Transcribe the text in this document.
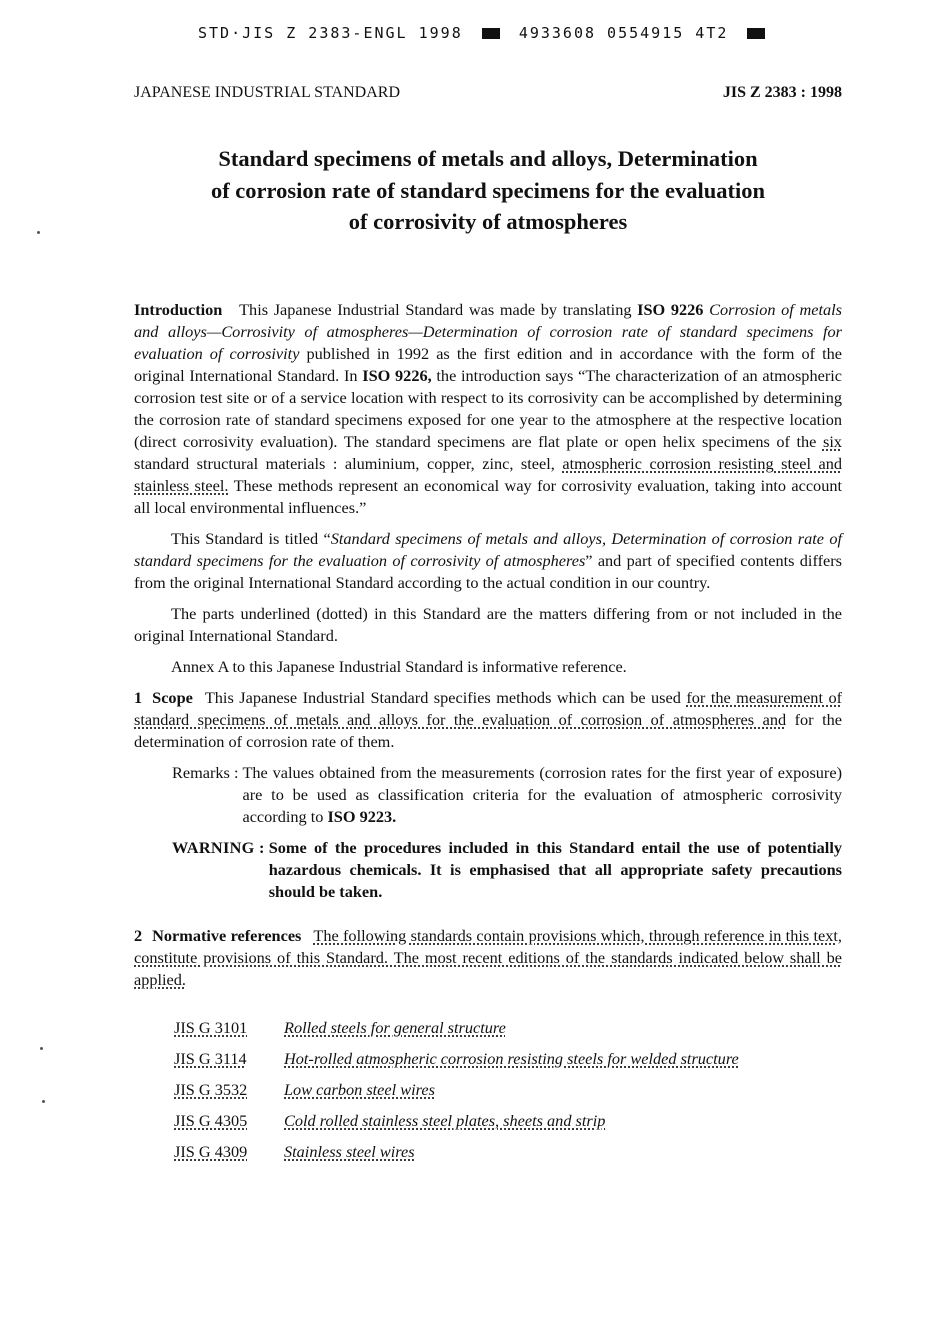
STD·JIS Z 2383-ENGL 1998	4933608 0554915 4T2
JAPANESE INDUSTRIAL STANDARD	JIS Z 2383 : 1998
Standard specimens of metals and alloys, Determination
of corrosion rate of standard specimens for the evaluation
of corrosivity of atmospheres

Introduction This Japanese Industrial Standard was made by translating ISO 9226 Corrosion of metals and alloys—Corrosivity of atmospheres—Determination of corrosion rate of standard specimens for evaluation of corrosivity published in 1992 as the first edition and in accordance with the form of the original International Standard. In ISO 9226, the introduction says “The characterization of an atmospheric corrosion test site or of a service location with respect to its corrosivity can be accomplished by determining the corrosion rate of standard specimens exposed for one year to the atmosphere at the respective location (direct corrosivity evaluation). The standard specimens are flat plate or open helix specimens of the six standard structural materials : aluminium, copper, zinc, steel, atmospheric corrosion resisting steel and stainless steel. These methods represent an economical way for corrosivity evaluation, taking into account all local environmental influences.”

This Standard is titled “Standard specimens of metals and alloys, Determination of corrosion rate of standard specimens for the evaluation of corrosivity of atmospheres” and part of specified contents differs from the original International Standard according to the actual condition in our country.

The parts underlined (dotted) in this Standard are the matters differing from or not included in the original International Standard.

Annex A to this Japanese Industrial Standard is informative reference.

1 Scope This Japanese Industrial Standard specifies methods which can be used for the measurement of standard specimens of metals and alloys for the evaluation of corrosion of atmospheres and for the determination of corrosion rate of them.

Remarks : The values obtained from the measurements (corrosion rates for the first year of exposure) are to be used as classification criteria for the evaluation of atmospheric corrosivity according to ISO 9223.
WARNING : Some of the procedures included in this Standard entail the use of potentially hazardous chemicals. It is emphasised that all appropriate safety precautions should be taken.

2 Normative references The following standards contain provisions which, through reference in this text, constitute provisions of this Standard. The most recent editions of the standards indicated below shall be applied.

JIS G 3101 Rolled steels for general structure
JIS G 3114 Hot-rolled atmospheric corrosion resisting steels for welded structure
JIS G 3532 Low carbon steel wires
JIS G 4305 Cold rolled stainless steel plates, sheets and strip
JIS G 4309 Stainless steel wires
